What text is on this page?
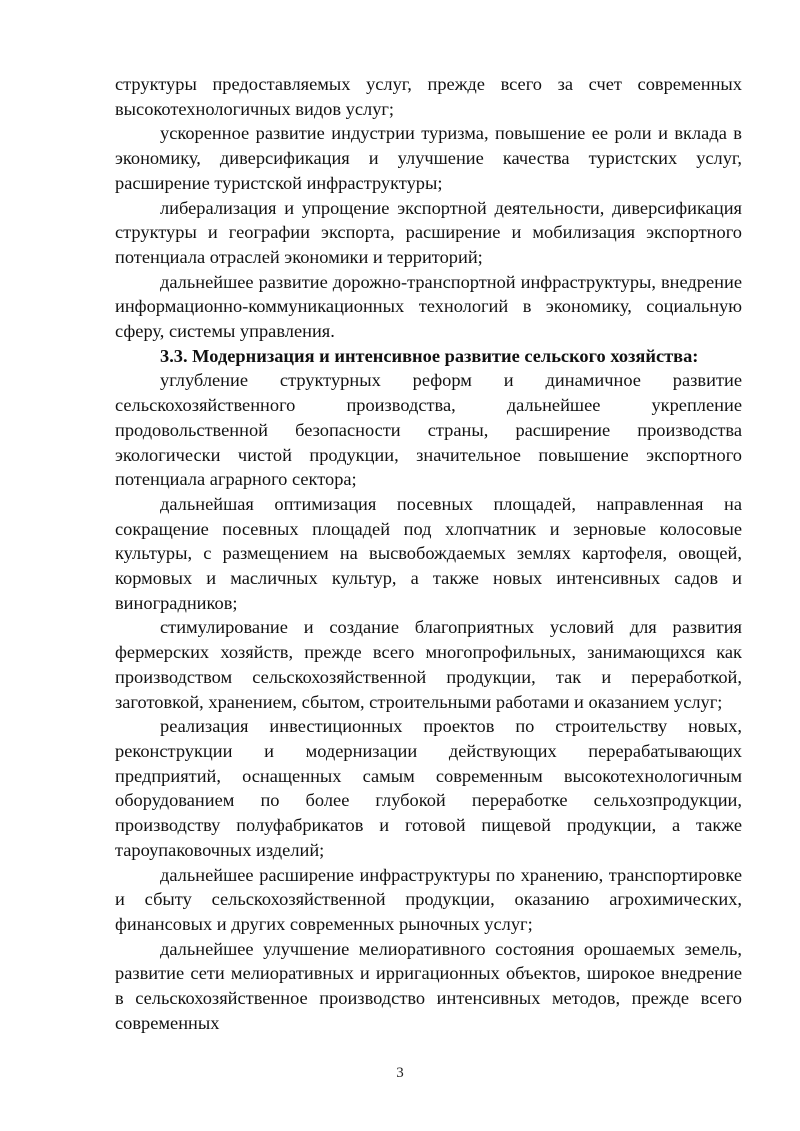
структуры предоставляемых услуг, прежде всего за счет современных высокотехнологичных видов услуг;

ускоренное развитие индустрии туризма, повышение ее роли и вклада в экономику, диверсификация и улучшение качества туристских услуг, расширение туристской инфраструктуры;

либерализация и упрощение экспортной деятельности, диверсификация структуры и географии экспорта, расширение и мобилизация экспортного потенциала отраслей экономики и территорий;

дальнейшее развитие дорожно-транспортной инфраструктуры, внедрение информационно-коммуникационных технологий в экономику, социальную сферу, системы управления.

3.3. Модернизация и интенсивное развитие сельского хозяйства:

углубление структурных реформ и динамичное развитие сельскохозяйственного производства, дальнейшее укрепление продовольственной безопасности страны, расширение производства экологически чистой продукции, значительное повышение экспортного потенциала аграрного сектора;

дальнейшая оптимизация посевных площадей, направленная на сокращение посевных площадей под хлопчатник и зерновые колосовые культуры, с размещением на высвобождаемых землях картофеля, овощей, кормовых и масличных культур, а также новых интенсивных садов и виноградников;

стимулирование и создание благоприятных условий для развития фермерских хозяйств, прежде всего многопрофильных, занимающихся как производством сельскохозяйственной продукции, так и переработкой, заготовкой, хранением, сбытом, строительными работами и оказанием услуг;

реализация инвестиционных проектов по строительству новых, реконструкции и модернизации действующих перерабатывающих предприятий, оснащенных самым современным высокотехнологичным оборудованием по более глубокой переработке сельхозпродукции, производству полуфабрикатов и готовой пищевой продукции, а также тароупаковочных изделий;

дальнейшее расширение инфраструктуры по хранению, транспортировке и сбыту сельскохозяйственной продукции, оказанию агрохимических, финансовых и других современных рыночных услуг;

дальнейшее улучшение мелиоративного состояния орошаемых земель, развитие сети мелиоративных и ирригационных объектов, широкое внедрение в сельскохозяйственное производство интенсивных методов, прежде всего современных

3
